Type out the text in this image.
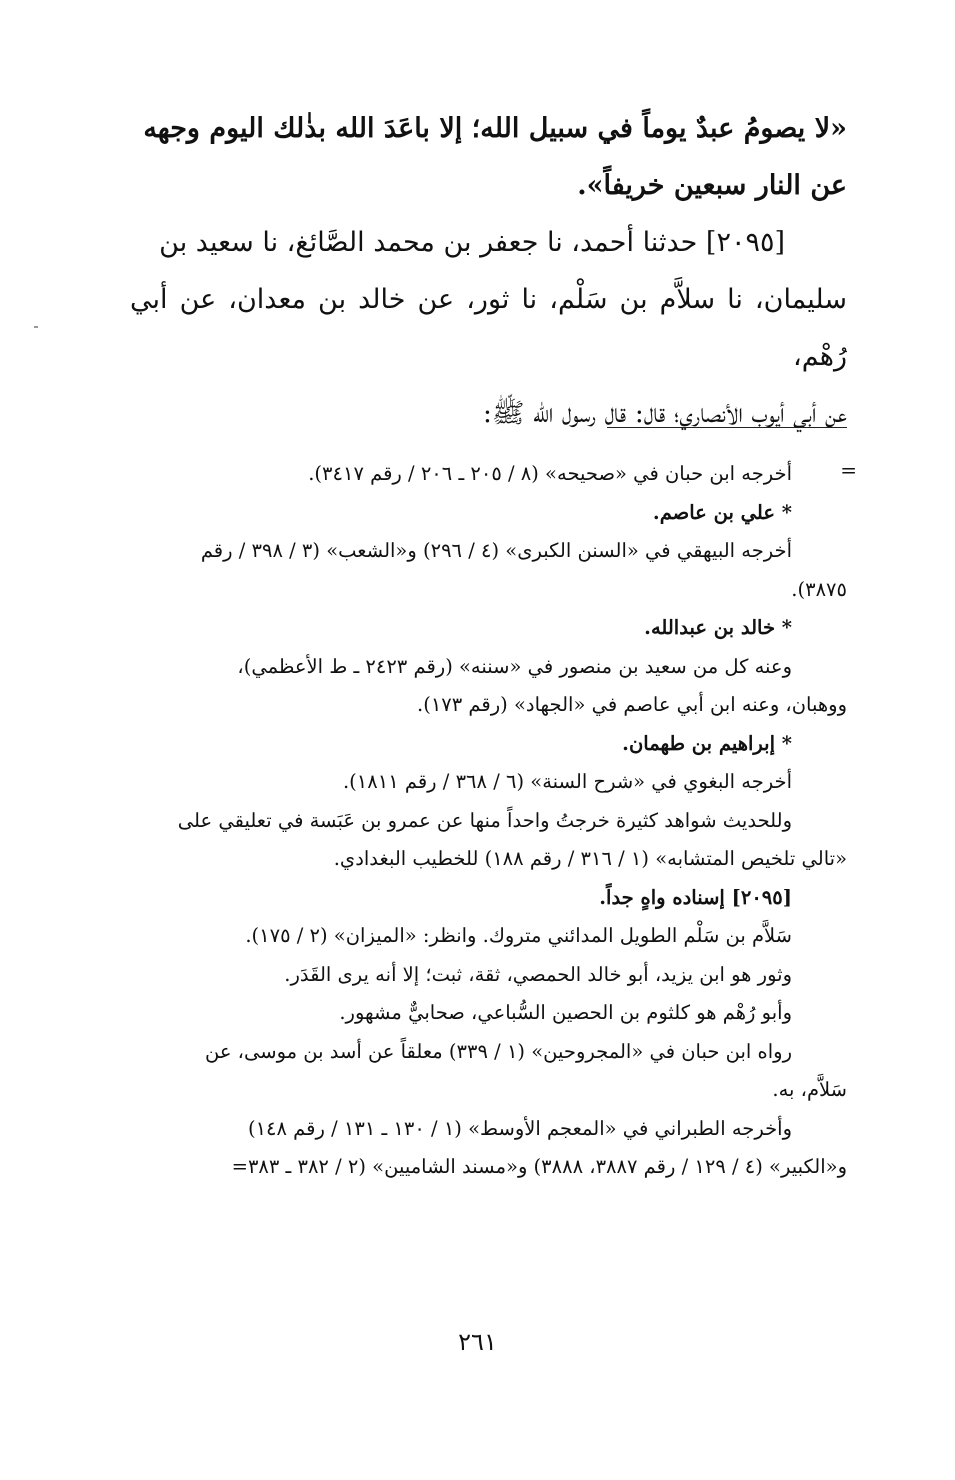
«لا يصومُ عبدٌ يوماً في سبيل الله؛ إلا باعَدَ الله بذٰلك اليوم وجهه

عن النار سبعين خريفاً».

[٢٠٩٥] حدثنا أحمد، نا جعفر بن محمد الصَّائغ، نا سعيد بن

سليمان، نا سلاَّم بن سَلْم، نا ثور، عن خالد بن معدان، عن أبي رُهْم،

عن أبي أيوب الأنصاري؛ قال: قال رسول الله ﷺ:

=

أخرجه ابن حبان في «صحيحه» (٨ / ٢٠٥ ـ ٢٠٦ / رقم ٣٤١٧).

* علي بن عاصم.

أخرجه البيهقي في «السنن الكبرى» (٤ / ٢٩٦) و«الشعب» (٣ / ٣٩٨ / رقم

٣٨٧٥).

* خالد بن عبدالله.

وعنه كل من سعيد بن منصور في «سننه» (رقم ٢٤٢٣ ـ ط الأعظمي)،

ووهبان، وعنه ابن أبي عاصم في «الجهاد» (رقم ١٧٣).

* إبراهيم بن طهمان.

أخرجه البغوي في «شرح السنة» (٦ / ٣٦٨ / رقم ١٨١١).

وللحديث شواهد كثيرة خرجتُ واحداً منها عن عمرو بن عَبَسة في تعليقي على

«تالي تلخيص المتشابه» (١ / ٣١٦ / رقم ١٨٨) للخطيب البغدادي.

[٢٠٩٥] إسناده واهٍ جداً.

سَلاَّم بن سَلْم الطويل المدائني متروك. وانظر: «الميزان» (٢ / ١٧٥).

وثور هو ابن يزيد، أبو خالد الحمصي، ثقة، ثبت؛ إلا أنه يرى القَدَر.

وأبو رُهْم هو كلثوم بن الحصين السُّباعي، صحابيٌّ مشهور.

رواه ابن حبان في «المجروحين» (١ / ٣٣٩) معلقاً عن أسد بن موسى، عن

سَلاَّم، به.

وأخرجه الطبراني في «المعجم الأوسط» (١ / ١٣٠ ـ ١٣١ / رقم ١٤٨)

و«الكبير» (٤ / ١٢٩ / رقم ٣٨٨٧، ٣٨٨٨) و«مسند الشاميين» (٢ / ٣٨٢ ـ ٣٨٣=

٢٦١
